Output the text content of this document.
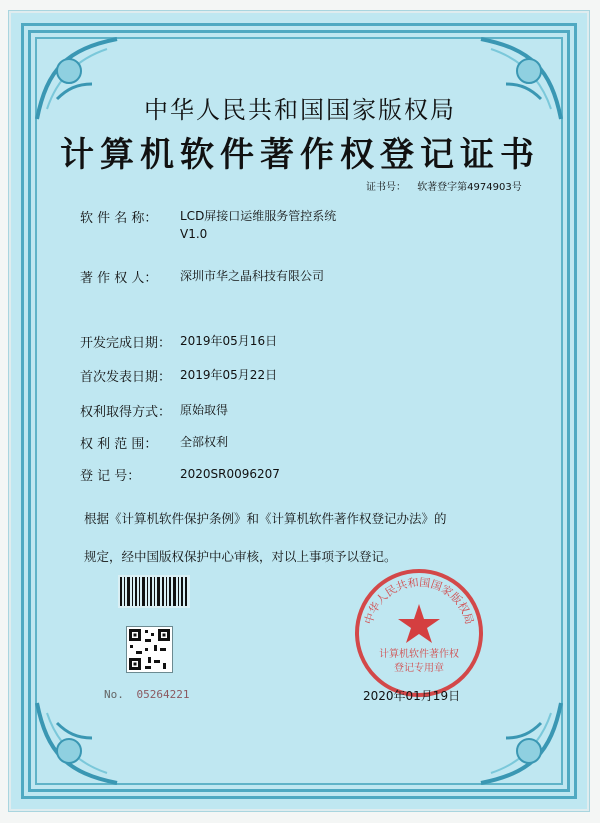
中华人民共和国国家版权局
计算机软件著作权登记证书
证书号： 软著登字第4974903号
软 件 名 称：	LCD屏接口运维服务管控系统
V1.0
著 作 权 人：	深圳市华之晶科技有限公司
开发完成日期： 2019年05月16日
首次发表日期： 2019年05月22日
权利取得方式： 原始取得
权 利 范 围：	全部权利
登 记 号：	2020SR0096207
根据《计算机软件保护条例》和《计算机软件著作权登记办法》的
规定，经中国版权保护中心审核，对以上事项予以登记。
No. 05264221
中华人民共和国国家版权局
计算机软件著作权
登记专用章
2020年01月19日
